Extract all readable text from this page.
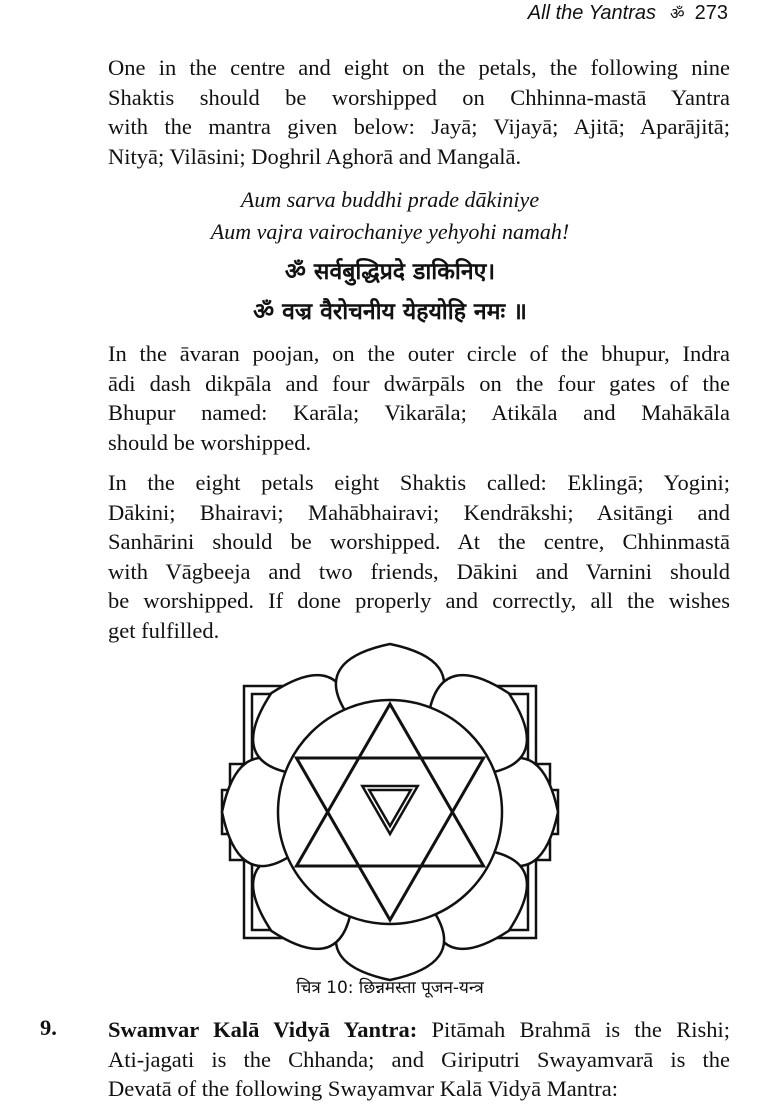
All the Yantras ॐ 273
One in the centre and eight on the petals, the following nine
Shaktis should be worshipped on Chhinna-mastā Yantra
with the mantra given below: Jayā; Vijayā; Ajitā; Aparājitā;
Nityā; Vilāsini; Doghril Aghorā and Mangalā.
Aum sarva buddhi prade dākiniye
Aum vajra vairochaniye yehyohi namah!
ॐ सर्वबुद्धिप्रदे डाकिनिए।
ॐ वज्र वैरोचनीय येहयोहि नमः ॥
In the āvaran poojan, on the outer circle of the bhupur, Indra
ādi dash dikpāla and four dwārpāls on the four gates of the
Bhupur named: Karāla; Vikarāla; Atikāla and Mahākāla
should be worshipped.
In the eight petals eight Shaktis called: Eklingā; Yogini;
Dākini; Bhairavi; Mahābhairavi; Kendrākshi; Asitāngi and
Sanhārini should be worshipped. At the centre, Chhinmastā
with Vāgbeeja and two friends, Dākini and Varnini should
be worshipped. If done properly and correctly, all the wishes
get fulfilled.
चित्र 10: छिन्नमस्ता पूजन-यन्त्र
9. Swamvar Kalā Vidyā Yantra: Pitāmah Brahmā is the Rishi;
Ati-jagati is the Chhanda; and Giriputri Swayamvarā is the
Devatā of the following Swayamvar Kalā Vidyā Mantra:
